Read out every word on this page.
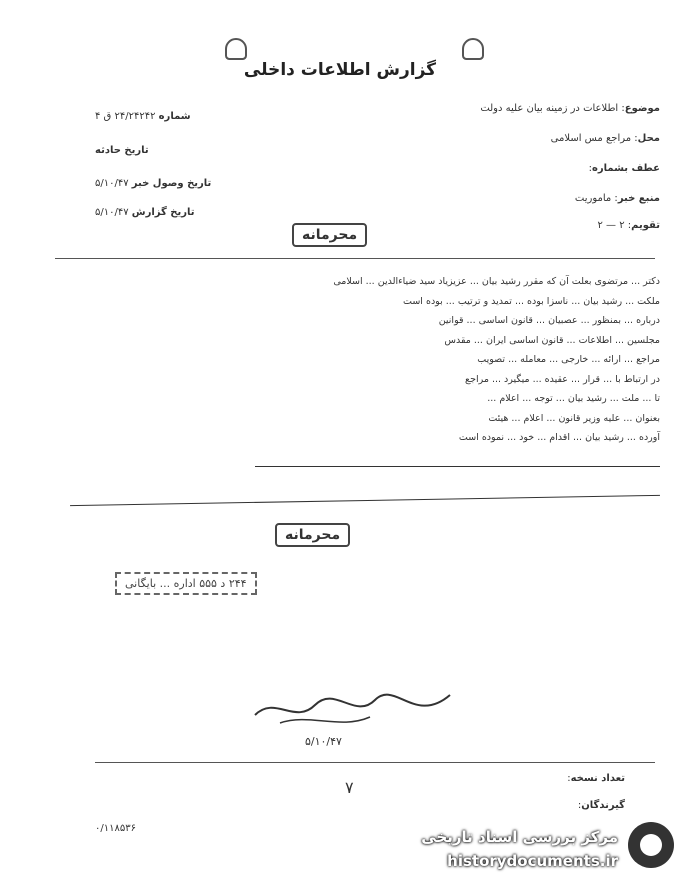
گزارش اطلاعات داخلی
موضوع: اطلاعات در زمینه بیان علیه دولت
محل: مراجع مس اسلامی
عطف بشماره:
منبع خبر: ماموریت
تقویم: ۲ — ۲
شماره ۲۴/۲۴۲۴۲ ق ۴
تاریخ حادثه
تاریخ وصول خبر ۵/۱۰/۴۷
تاریخ گزارش ۵/۱۰/۴۷
محرمانه
دکتر ... مرتضوی بعلت آن که مقرر رشید بیان ... عزیزیاد سید ضیاءالدین ... اسلامی
ملکت ... رشید بیان ... ناسزا بوده ... تمدید و ترتیب ... بوده است
درباره ... بمنظور ... عصبیان ... قانون اساسی ... قوانین
مجلسین ... اطلاعات ... قانون اساسی ایران ... مقدس
مراجع ... ارائه ... خارجی ... معامله ... تصویب
در ارتباط با ... قرار ... عقیده ... میگیرد ... مراجع
تا ... ملت ... رشید بیان ... توجه ... اعلام ...
بعنوان ... علیه وزیر قانون ... اعلام ... هیئت
آورده ... رشید بیان ... اقدام ... خود ... نموده است
محرمانه
۲۴۴ د ۵۵۵ اداره ... بایگانی
۵/۱۰/۴۷
تعداد نسخه:
گیرندگان:
۷
۰/۱۱۸۵۳۶	مرکز بررسی اسناد تاریخی
historydocuments.ir
